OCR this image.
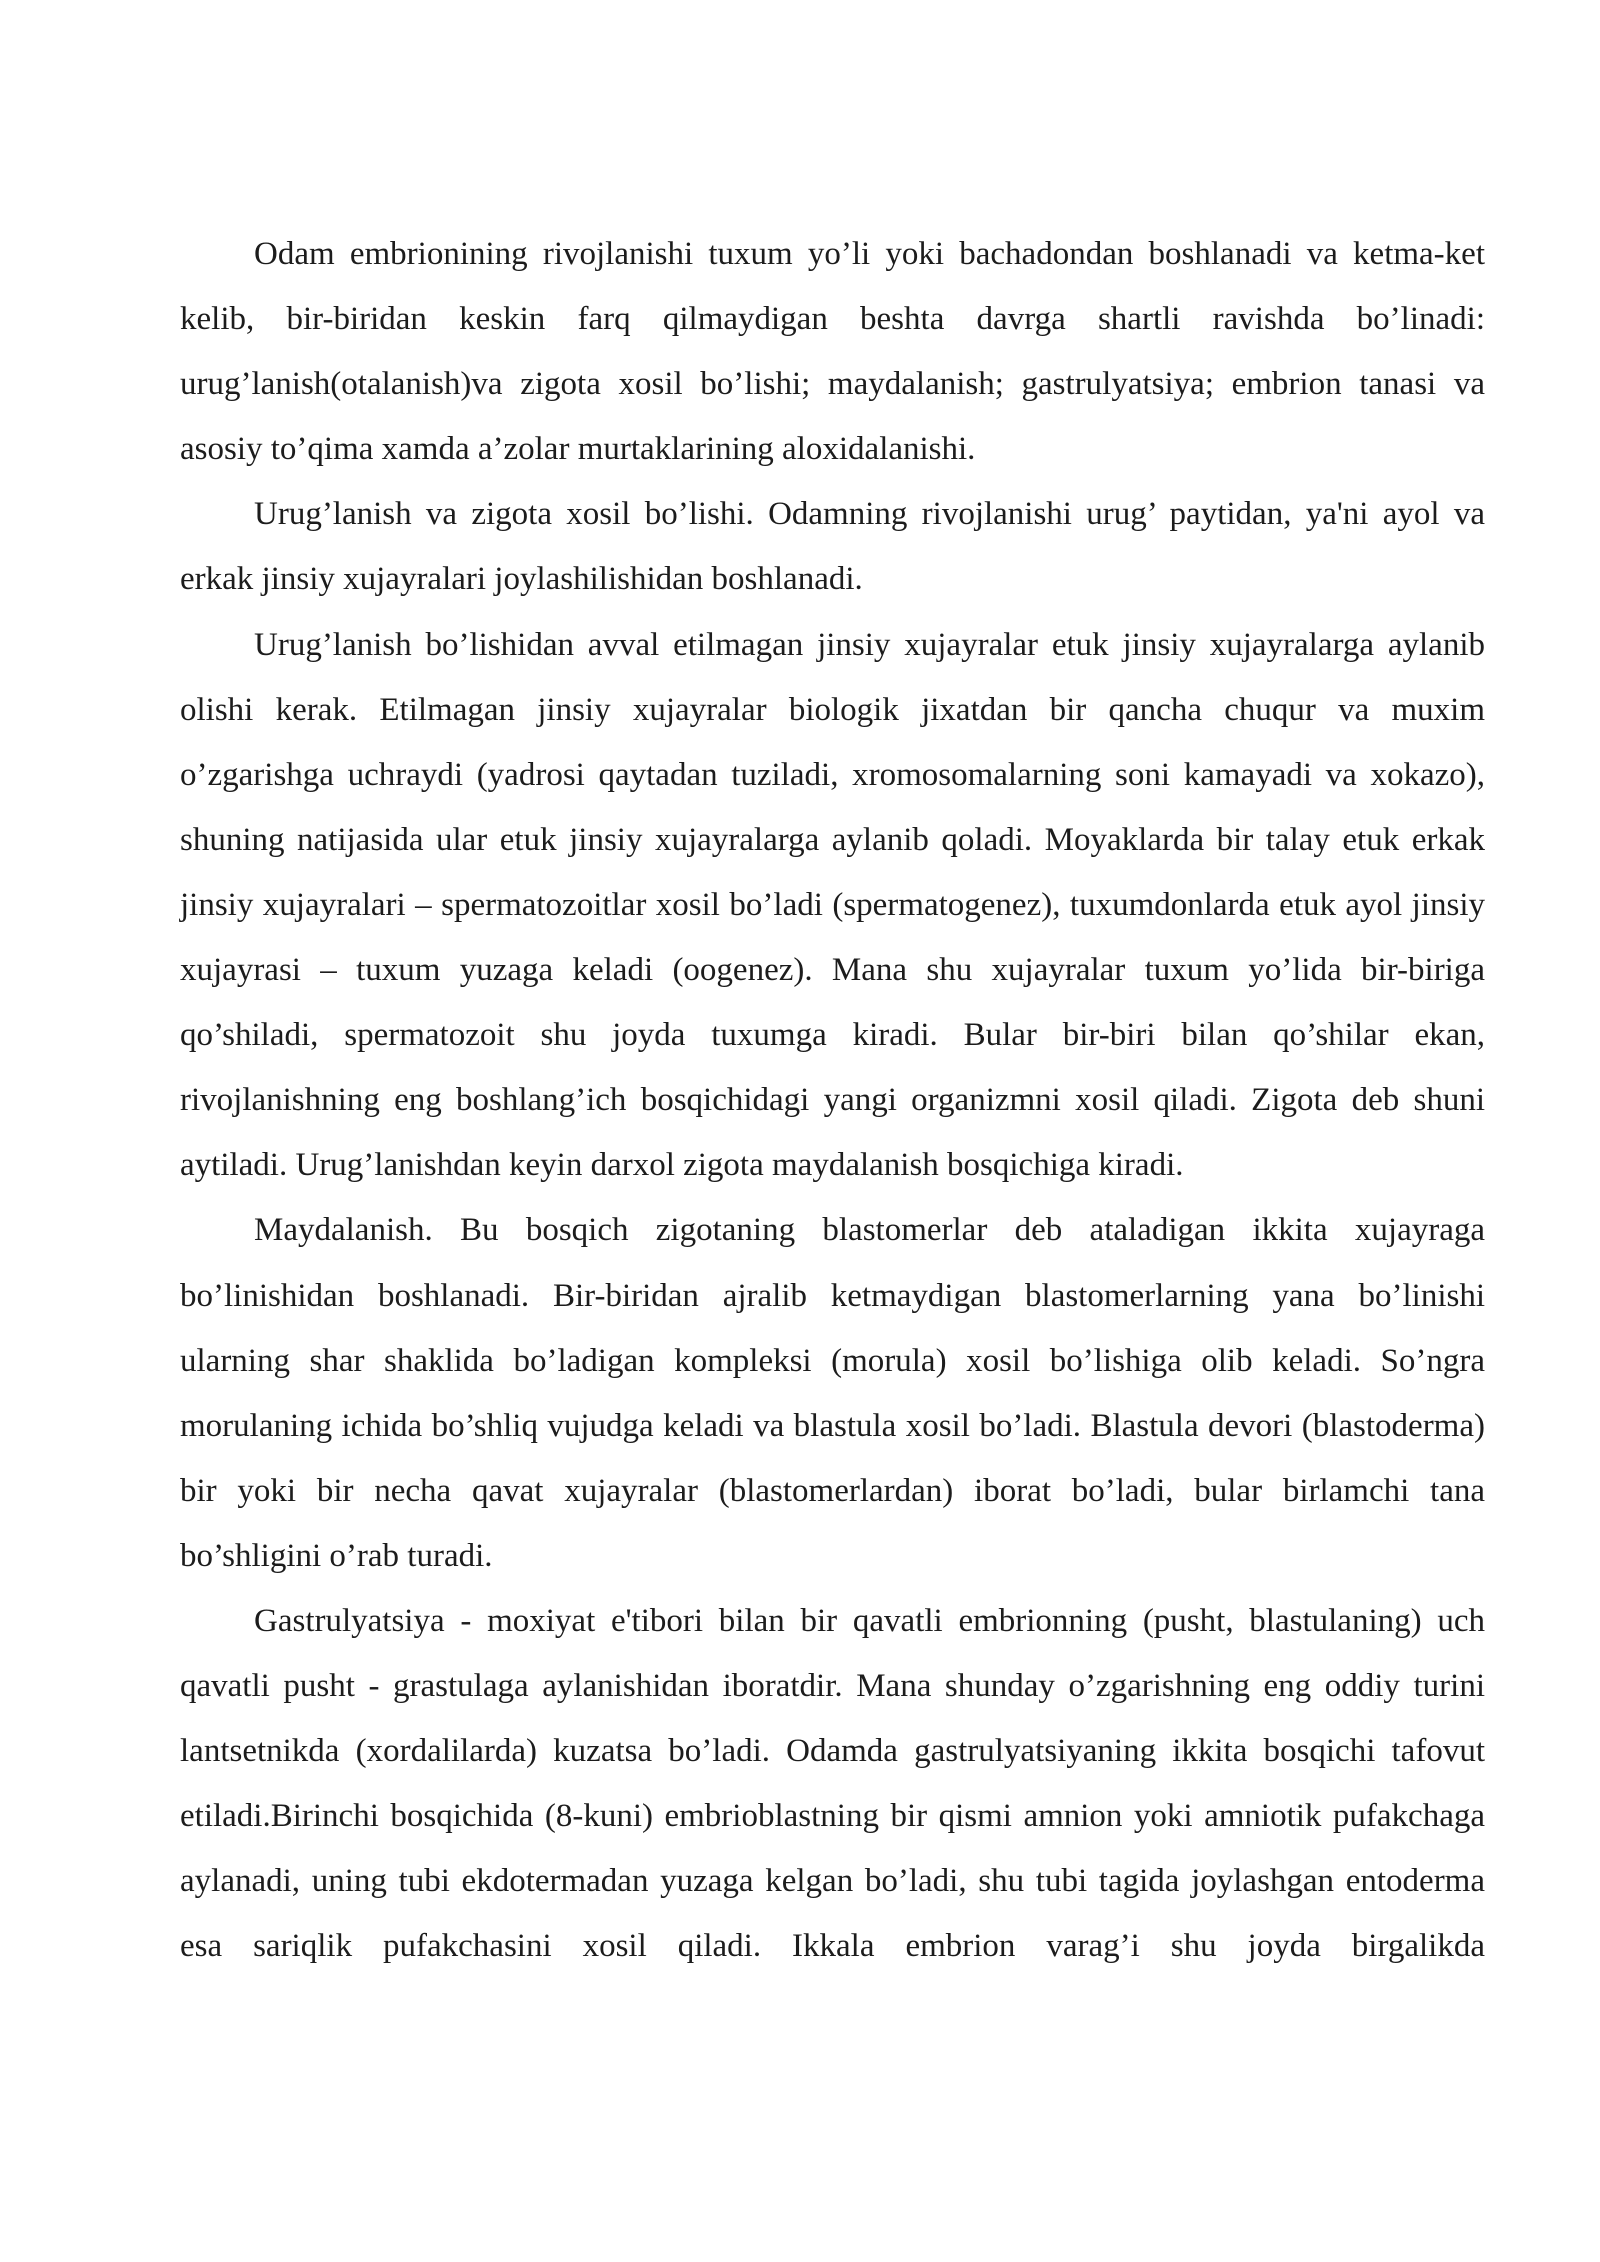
Odam embrionining rivojlanishi tuxum yo’li yoki bachadondan boshlanadi va ketma-ket kelib, bir-biridan keskin farq qilmaydigan beshta davrga shartli ravishda bo’linadi: urug’lanish(otalanish)va zigota xosil bo’lishi; maydalanish; gastrulyatsiya; embrion tanasi va asosiy to’qima xamda a’zolar murtaklarining aloxidalanishi.

Urug’lanish va zigota xosil bo’lishi. Odamning rivojlanishi urug’ paytidan, ya'ni ayol va erkak jinsiy xujayralari joylashilishidan boshlanadi.

Urug’lanish bo’lishidan avval etilmagan jinsiy xujayralar etuk jinsiy xujayralarga aylanib olishi kerak. Etilmagan jinsiy xujayralar biologik jixatdan bir qancha chuqur va muxim o’zgarishga uchraydi (yadrosi qaytadan tuziladi, xromosomalarning soni kamayadi va xokazo), shuning natijasida ular etuk jinsiy xujayralarga aylanib qoladi. Moyaklarda bir talay etuk erkak jinsiy xujayralari – spermatozoitlar xosil bo’ladi (spermatogenez), tuxumdonlarda etuk ayol jinsiy xujayrasi – tuxum yuzaga keladi (oogenez). Mana shu xujayralar tuxum yo’lida bir-biriga qo’shiladi, spermatozoit shu joyda tuxumga kiradi. Bular bir-biri bilan qo’shilar ekan, rivojlanishning eng boshlang’ich bosqichidagi yangi organizmni xosil qiladi. Zigota deb shuni aytiladi. Urug’lanishdan keyin darxol zigota maydalanish bosqichiga kiradi.

Maydalanish. Bu bosqich zigotaning blastomerlar deb ataladigan ikkita xujayraga bo’linishidan boshlanadi. Bir-biridan ajralib ketmaydigan blastomerlarning yana bo’linishi ularning shar shaklida bo’ladigan kompleksi (morula) xosil bo’lishiga olib keladi. So’ngra morulaning ichida bo’shliq vujudga keladi va blastula xosil bo’ladi. Blastula devori (blastoderma) bir yoki bir necha qavat xujayralar (blastomerlardan) iborat bo’ladi, bular birlamchi tana bo’shligini o’rab turadi.

Gastrulyatsiya - moxiyat e'tibori bilan bir qavatli embrionning (pusht, blastulaning) uch qavatli pusht - grastulaga aylanishidan iboratdir. Mana shunday o’zgarishning eng oddiy turini lantsetnikda (xordalilarda) kuzatsa bo’ladi. Odamda gastrulyatsiyaning ikkita bosqichi tafovut etiladi.Birinchi bosqichida (8-kuni) embrioblastning bir qismi amnion yoki amniotik pufakchaga aylanadi, uning tubi ekdotermadan yuzaga kelgan bo’ladi, shu tubi tagida joylashgan entoderma esa sariqlik pufakchasini xosil qiladi. Ikkala embrion varag’i shu joyda birgalikda
